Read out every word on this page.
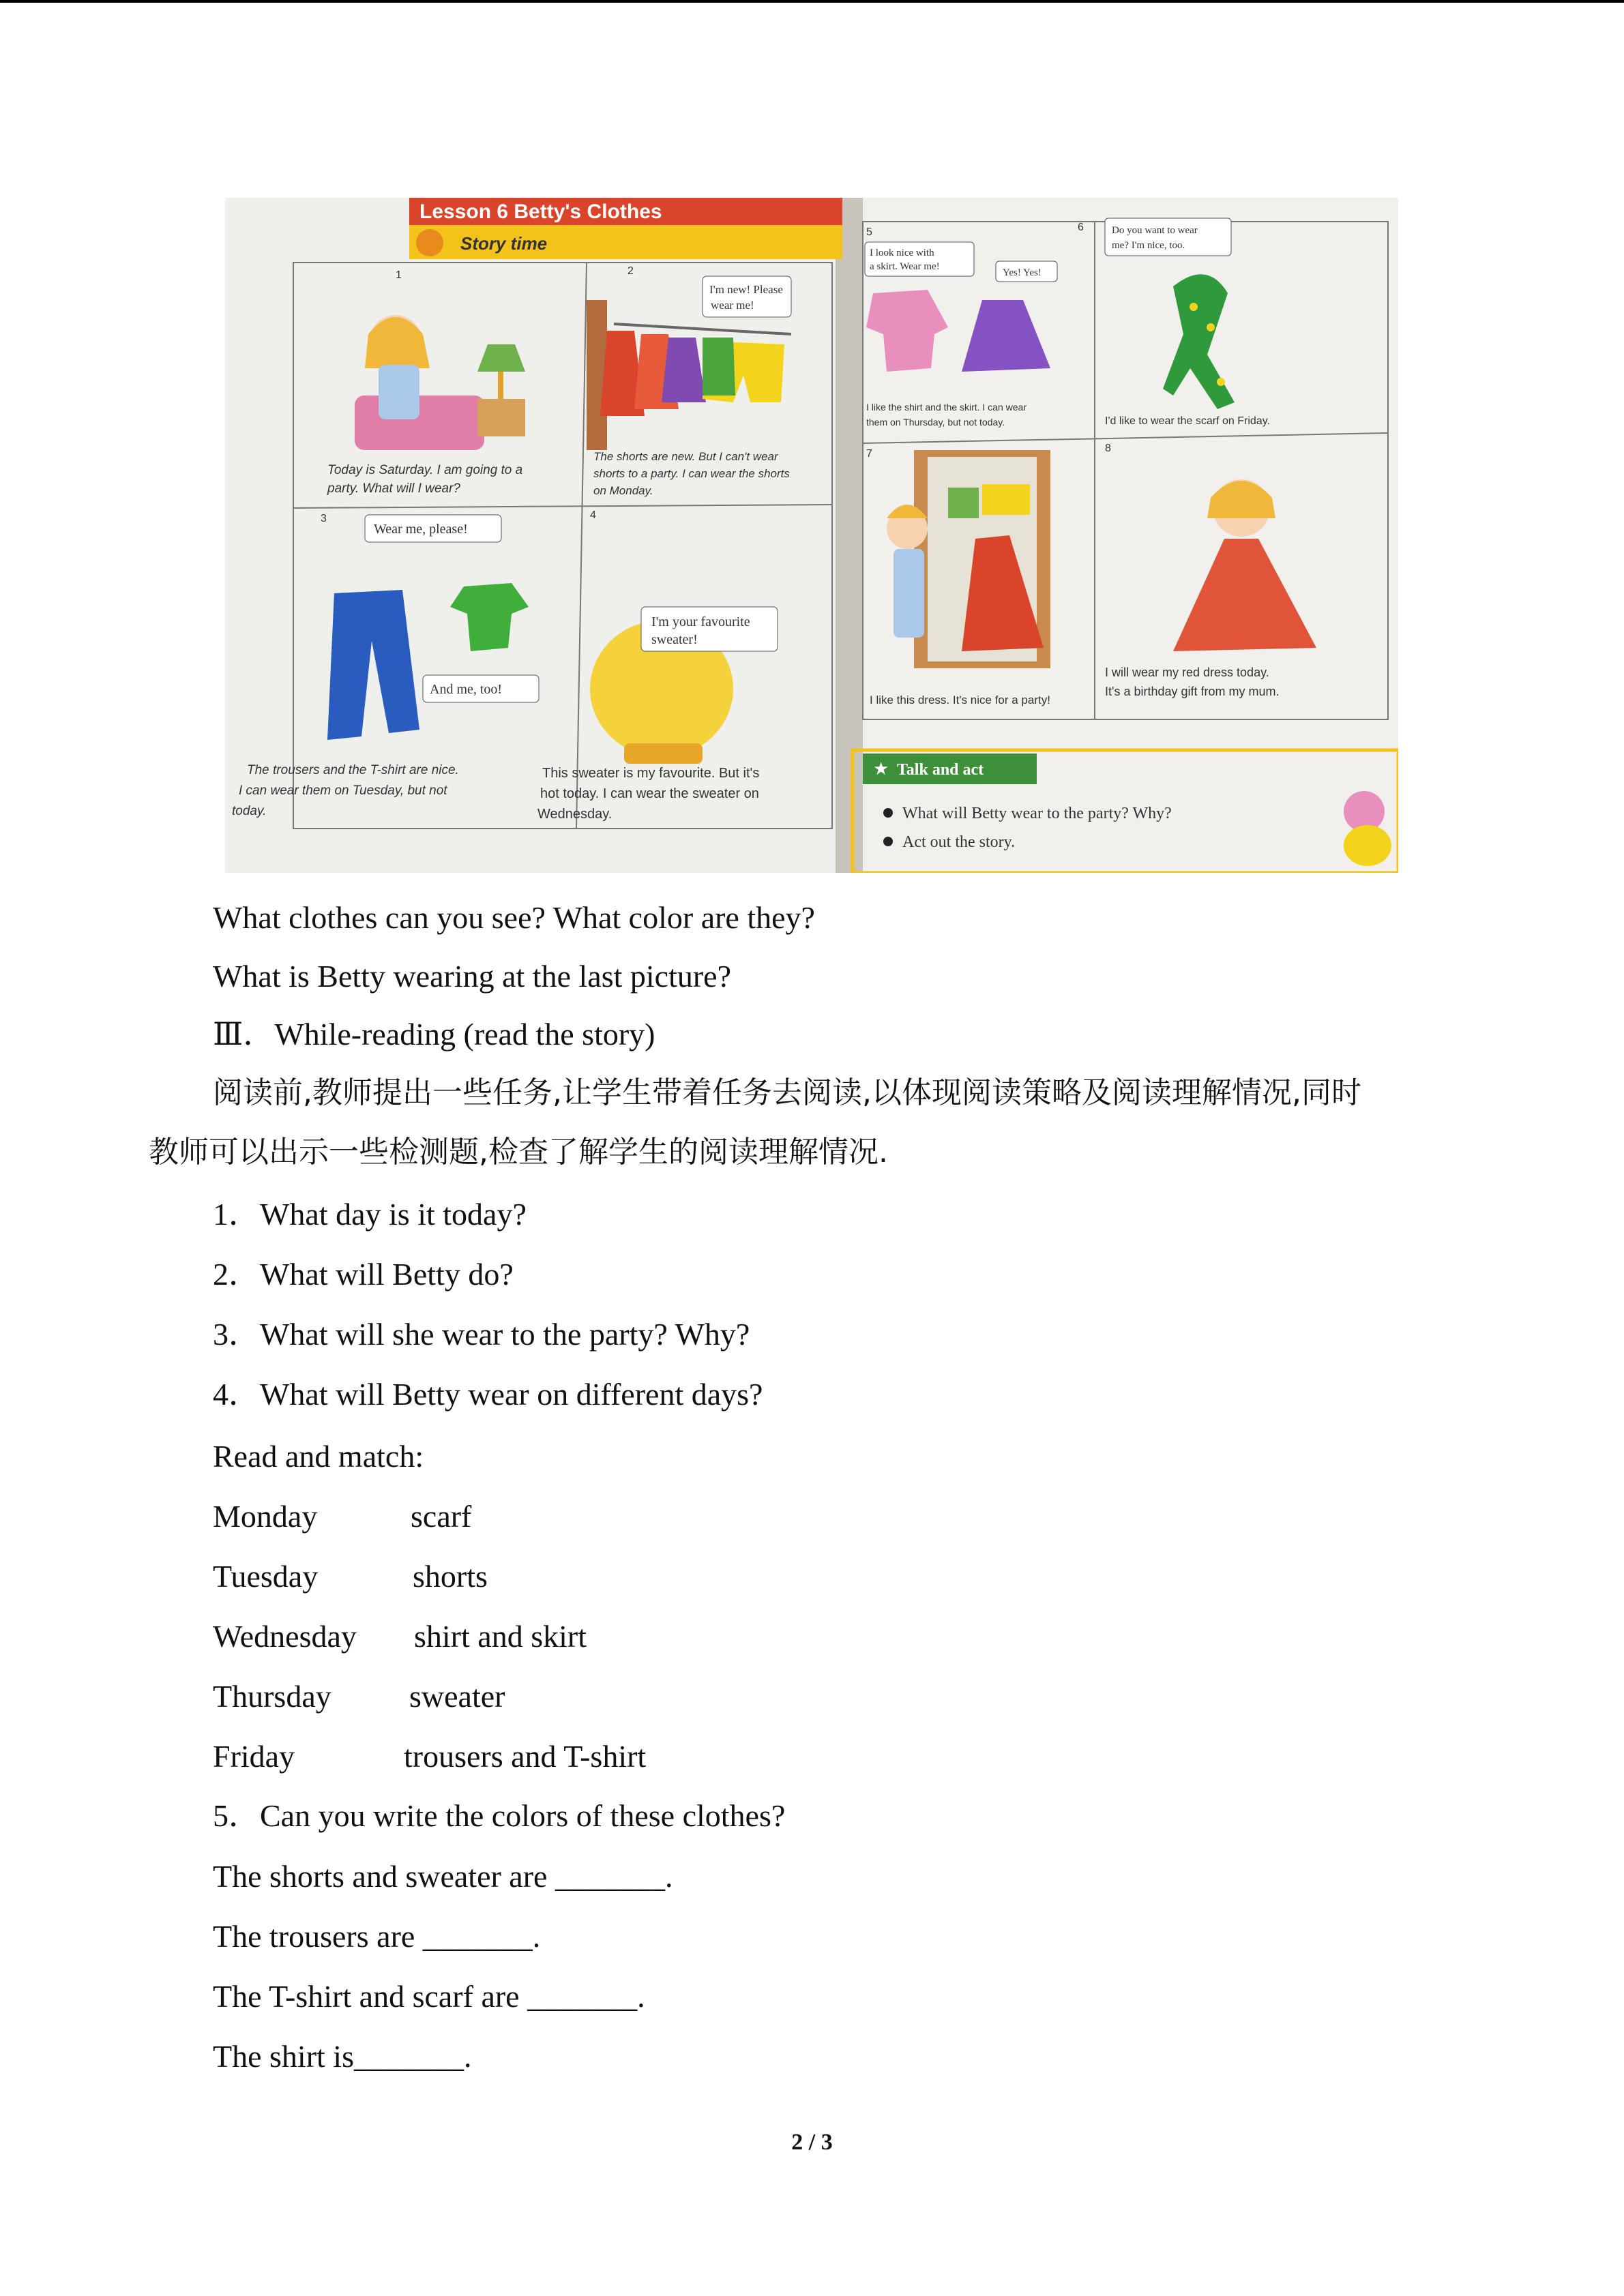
Lesson 6 Betty's Clothes
Story time
1	2
3	4
5	6
7	8
Today is Saturday. I am going to a
party. What will I wear?
I'm new! Please
wear me!
The shorts are new. But I can't wear
shorts to a party. I can wear the shorts
on Monday.
Wear me, please!
And me, too!
The trousers and the T-shirt are nice.
I can wear them on Tuesday, but not
today.
I'm your favourite
sweater!
This sweater is my favourite. But it's
hot today. I can wear the sweater on
Wednesday.
I look nice with
a skirt. Wear me!
Yes! Yes!
I like the shirt and the skirt. I can wear
them on Thursday, but not today.
Do you want to wear
me? I'm nice, too.
I'd like to wear the scarf on Friday.
I like this dress. It's nice for a party!
I will wear my red dress today.
It's a birthday gift from my mum.
★ Talk and act
What will Betty wear to the party? Why?
Act out the story.
What clothes can you see? What color are they?
What is Betty wearing at the last picture?
Ⅲ．While-reading (read the story)
阅读前,教师提出一些任务,让学生带着任务去阅读,以体现阅读策略及阅读理解情况,同时
教师可以出示一些检测题,检查了解学生的阅读理解情况.
1．What day is it today?
2．What will Betty do?
3．What will she wear to the party? Why?
4．What will Betty wear on different days?
Read and match:
Monday	scarf
Tuesday	shorts
Wednesday shirt and skirt
Thursday sweater
Friday	trousers and T-shirt
5．Can you write the colors of these clothes?
The shorts and sweater are _______.
The trousers are _______.
The T-shirt and scarf are _______.
The shirt is_______.
2 / 3
